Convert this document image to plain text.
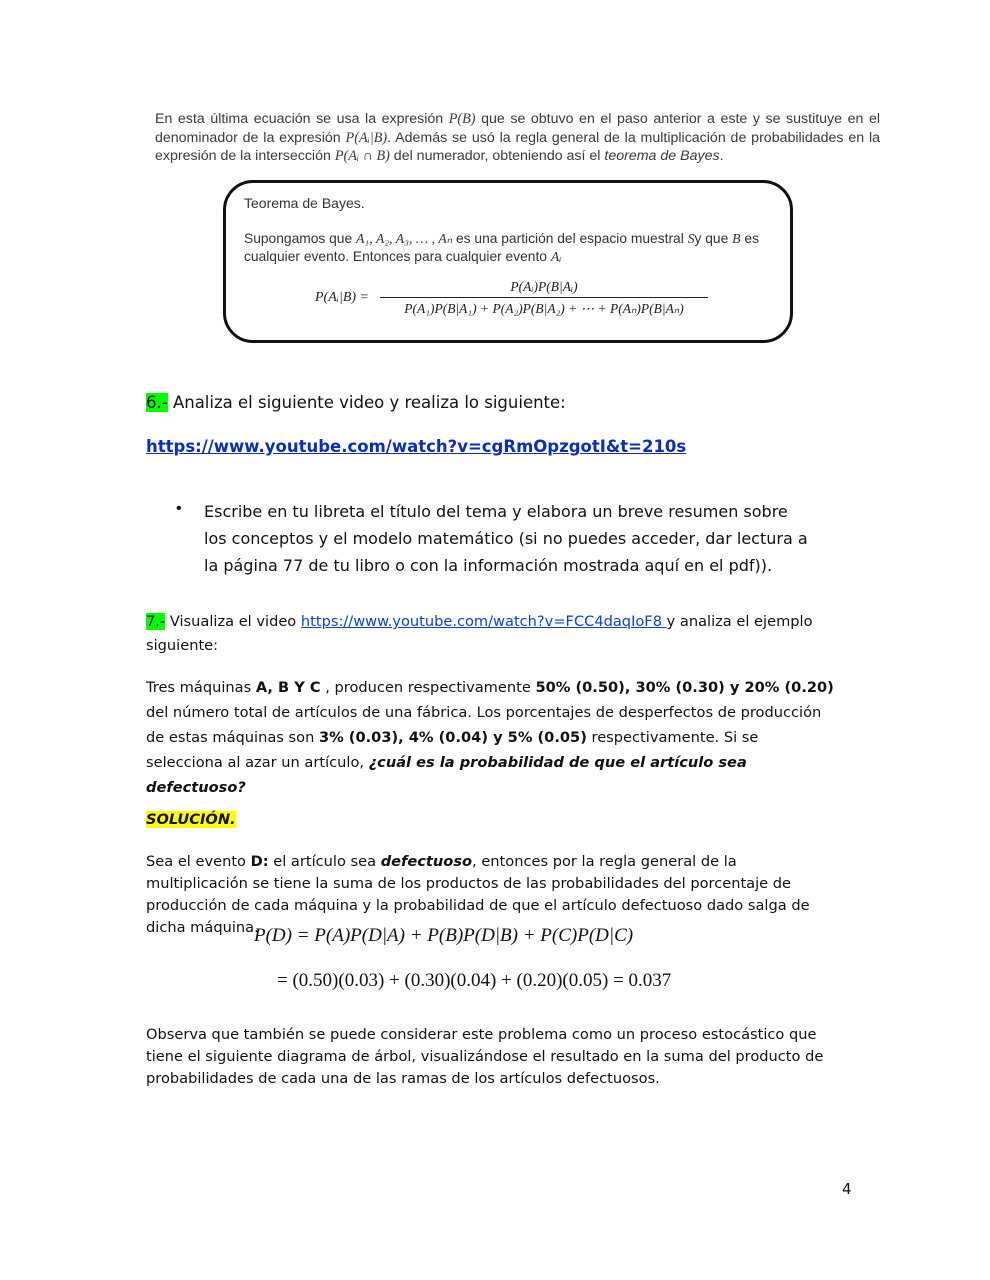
En esta última ecuación se usa la expresión P(B) que se obtuvo en el paso anterior a este y se sustituye en el denominador de la expresión P(Aᵢ|B). Además se usó la regla general de la multiplicación de probabilidades en la expresión de la intersección P(Aᵢ ∩ B) del numerador, obteniendo así el teorema de Bayes.
Teorema de Bayes.
Supongamos que A₁, A₂, A₃, … , Aₙ es una partición del espacio muestral Sy que B es cualquier evento. Entonces para cualquier evento Aᵢ
P(Aᵢ|B) =
P(Aᵢ)P(B|Aᵢ)
P(A₁)P(B|A₁) + P(A₂)P(B|A₂) + ⋯ + P(Aₙ)P(B|Aₙ)
6.- Analiza el siguiente video y realiza lo siguiente:
https://www.youtube.com/watch?v=cgRmOpzgotI&t=210s
• Escribe en tu libreta el título del tema y elabora un breve resumen sobre los conceptos y el modelo matemático (si no puedes acceder, dar lectura a la página 77 de tu libro o con la información mostrada aquí en el pdf)).
7.- Visualiza el video https://www.youtube.com/watch?v=FCC4daqIoF8 y analiza el ejemplo siguiente:
Tres máquinas A, B Y C , producen respectivamente 50% (0.50), 30% (0.30) y 20% (0.20) del número total de artículos de una fábrica. Los porcentajes de desperfectos de producción de estas máquinas son 3% (0.03), 4% (0.04) y 5% (0.05) respectivamente. Si se selecciona al azar un artículo, ¿cuál es la probabilidad de que el artículo sea defectuoso?
SOLUCIÓN.
Sea el evento D: el artículo sea defectuoso, entonces por la regla general de la multiplicación se tiene la suma de los productos de las probabilidades del porcentaje de producción de cada máquina y la probabilidad de que el artículo defectuoso dado salga de dicha máquina.
P(D) = P(A)P(D|A) + P(B)P(D|B) + P(C)P(D|C)
= (0.50)(0.03) + (0.30)(0.04) + (0.20)(0.05) = 0.037
Observa que también se puede considerar este problema como un proceso estocástico que tiene el siguiente diagrama de árbol, visualizándose el resultado en la suma del producto de probabilidades de cada una de las ramas de los artículos defectuosos.
4
